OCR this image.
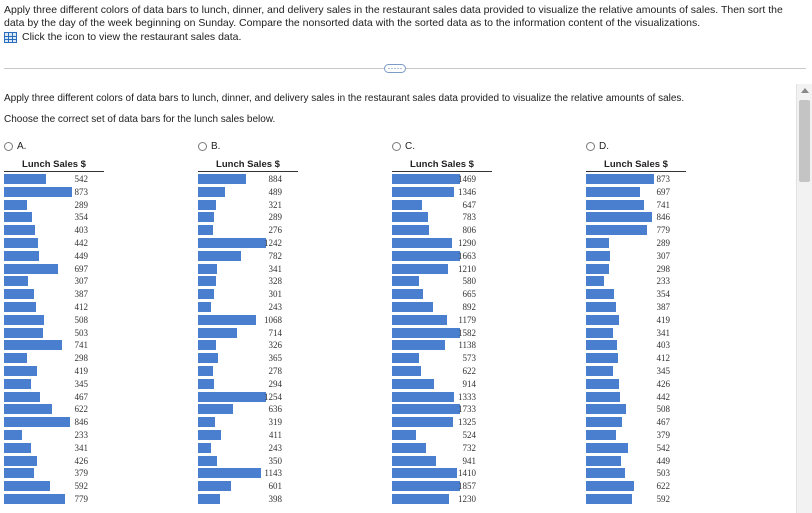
Apply three different colors of data bars to lunch, dinner, and delivery sales in the restaurant sales data provided to visualize the relative amounts of sales. Then sort the data by the day of the week beginning on Sunday. Compare the nonsorted data with the sorted data as to the information content of the visualizations.
Click the icon to view the restaurant sales data.
·····
Apply three different colors of data bars to lunch, dinner, and delivery sales in the restaurant sales data provided to visualize the relative amounts of sales.
Choose the correct set of data bars for the lunch sales below.
A.
Lunch Sales $
542
873
289
354
403
442
449
697
307
387
412
508
503
741
298
419
345
467
622
846
233
341
426
379
592
779
B.
Lunch Sales $
884
489
321
289
276
1242
782
341
328
301
243
1068
714
326
365
278
294
1254
636
319
411
243
350
1143
601
398
C.
Lunch Sales $
1469
1346
647
783
806
1290
1663
1210
580
665
892
1179
1582
1138
573
622
914
1333
1733
1325
524
732
941
1410
1857
1230
D.
Lunch Sales $
873
697
741
846
779
289
307
298
233
354
387
419
341
403
412
345
426
442
508
467
379
542
449
503
622
592
